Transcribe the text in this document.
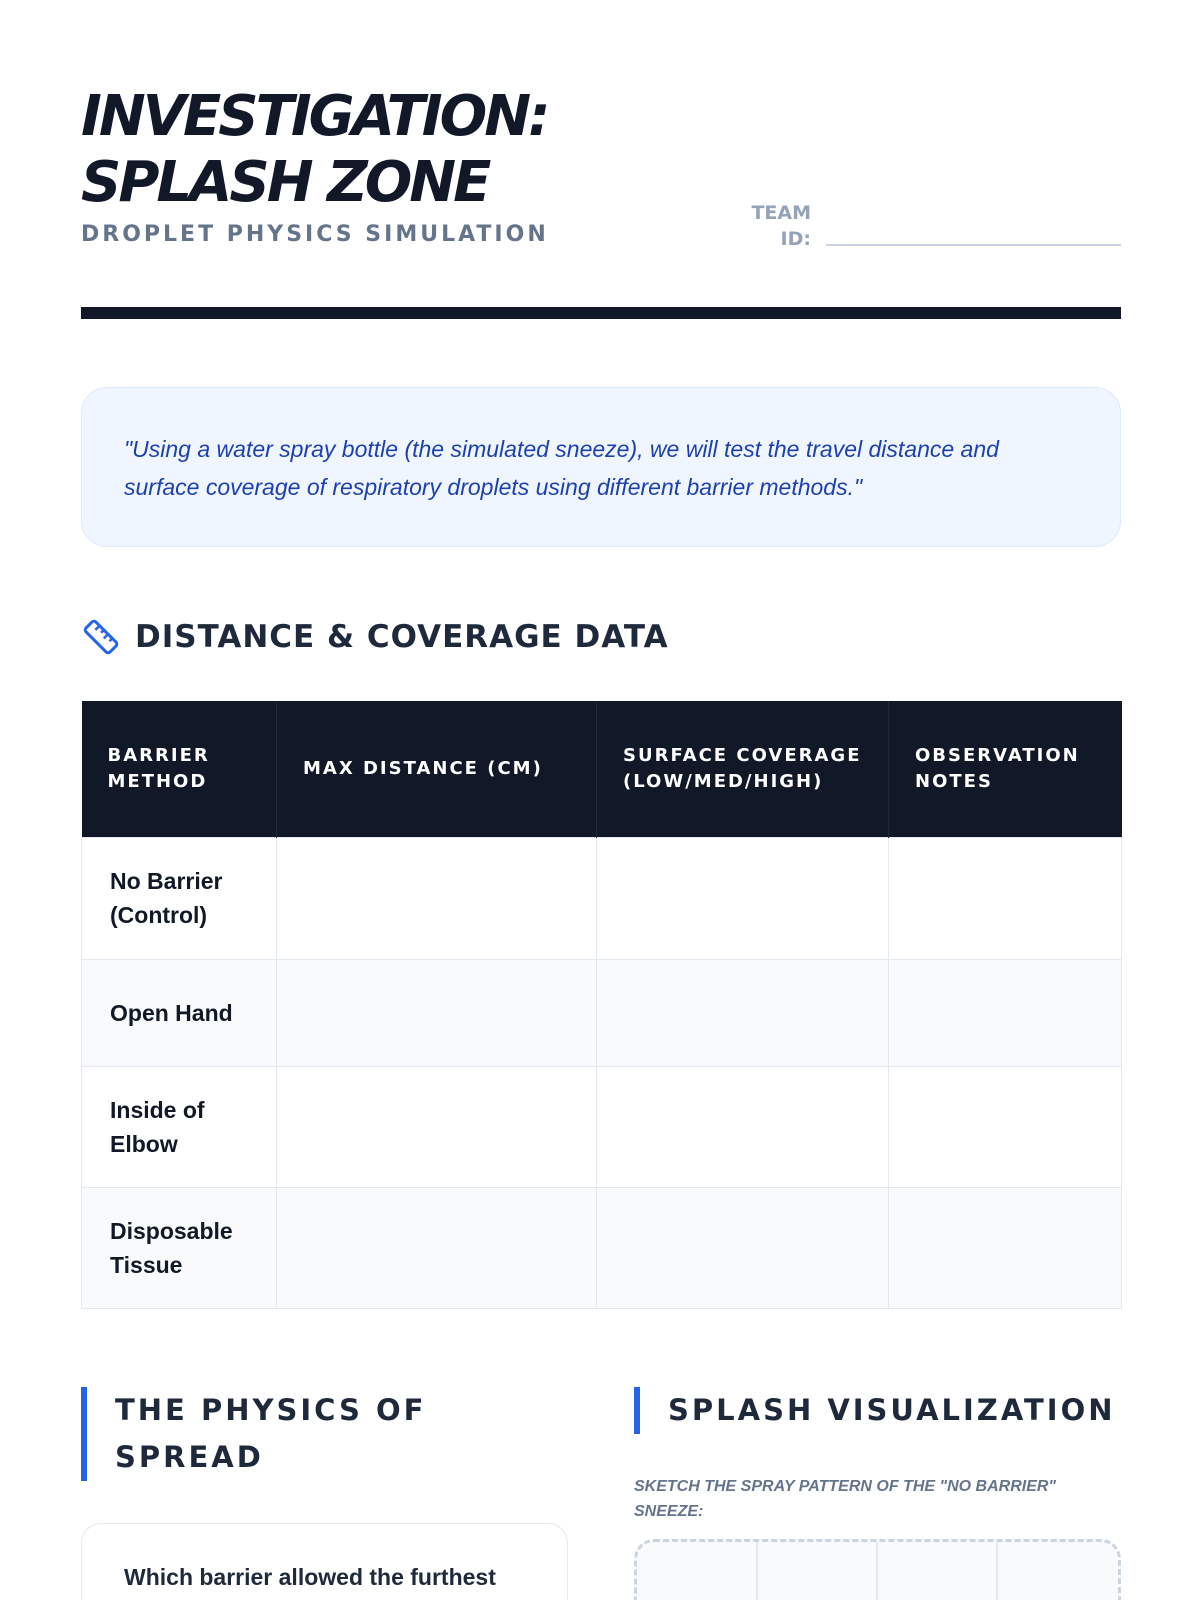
INVESTIGATION:
SPLASH ZONE
DROPLET PHYSICS SIMULATION
TEAM
ID:
"Using a water spray bottle (the simulated sneeze), we will test the travel distance and surface coverage of respiratory droplets using different barrier methods."
DISTANCE & COVERAGE DATA
BARRIER METHOD	MAX DISTANCE (CM)	SURFACE COVERAGE (LOW/MED/HIGH)	OBSERVATION NOTES
No Barrier (Control)			
Open Hand			
Inside of Elbow			
Disposable Tissue			
THE PHYSICS OF SPREAD
Which barrier allowed the furthest
SPLASH VISUALIZATION
SKETCH THE SPRAY PATTERN OF THE "NO BARRIER" SNEEZE:
